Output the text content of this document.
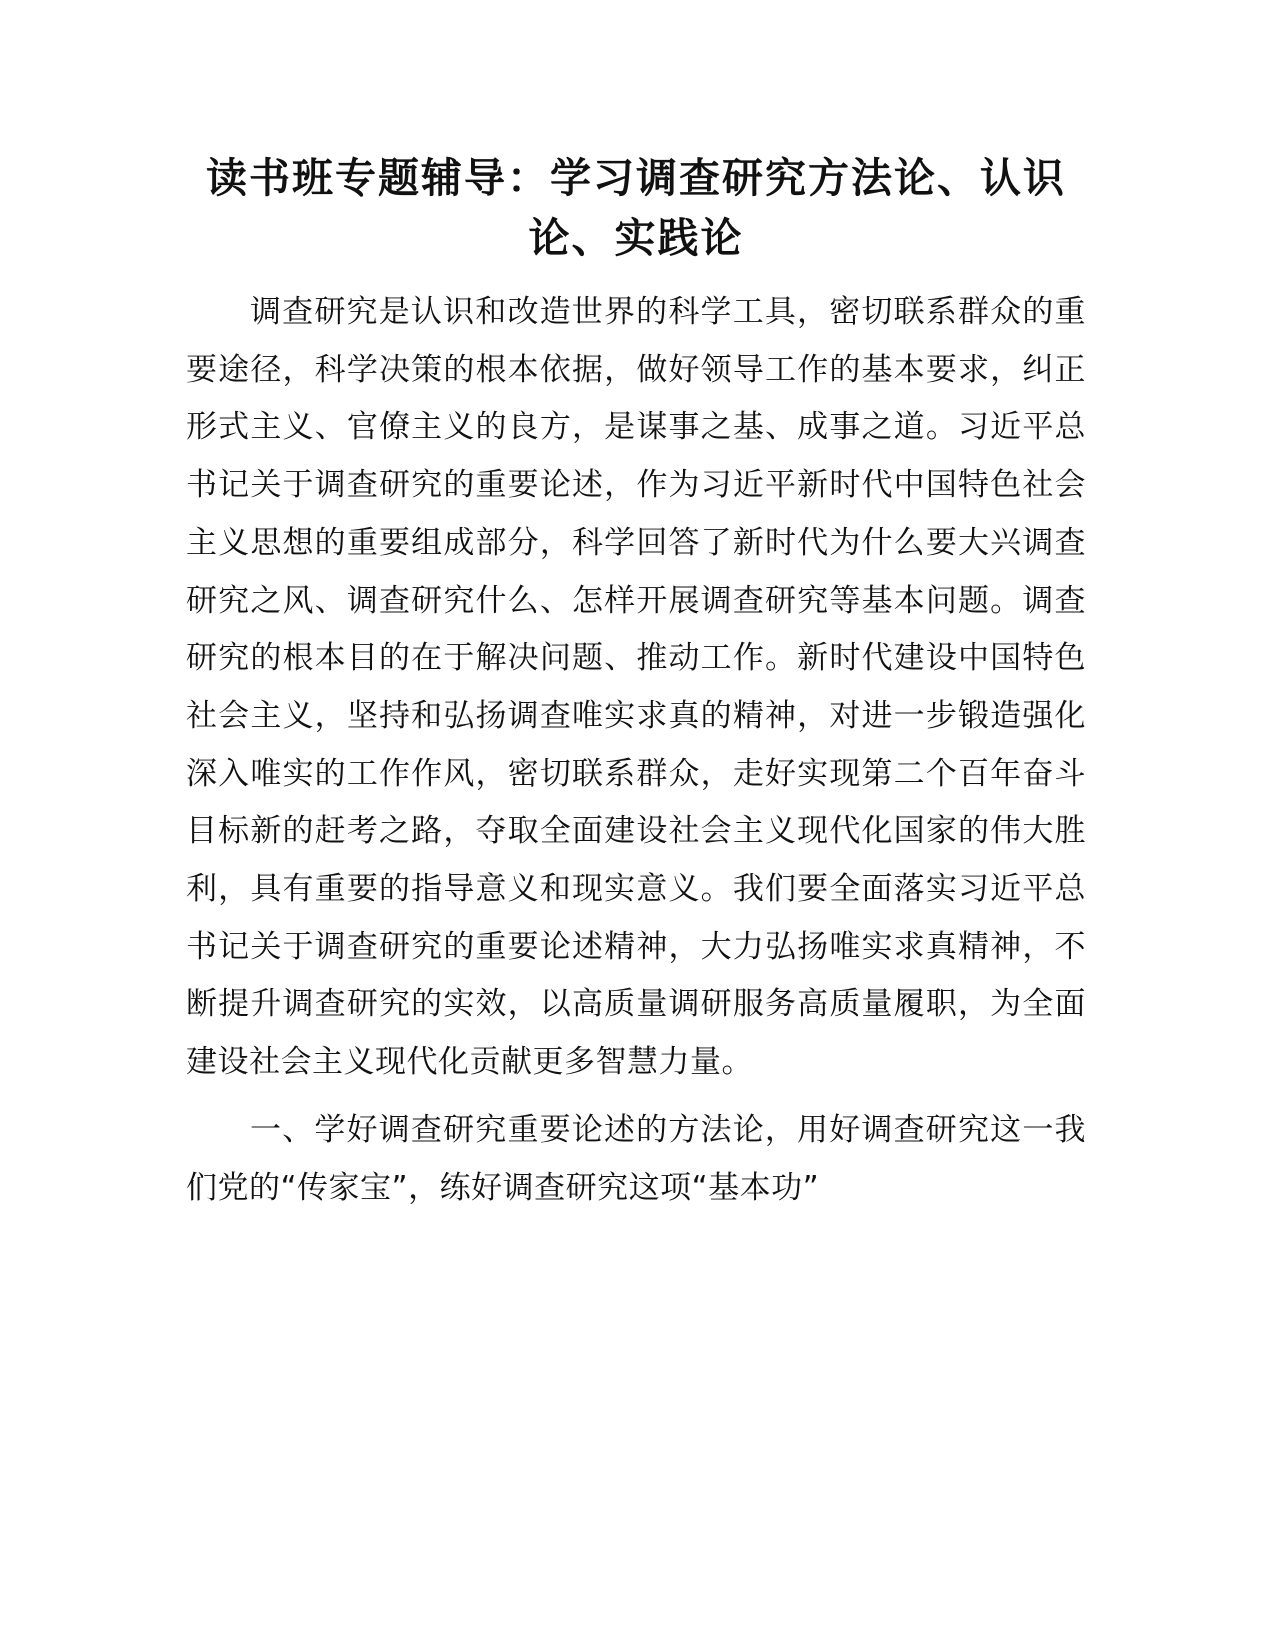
读书班专题辅导：学习调查研究方法论、认识论、实践论

调查研究是认识和改造世界的科学工具，密切联系群众的重要途径，科学决策的根本依据，做好领导工作的基本要求，纠正形式主义、官僚主义的良方，是谋事之基、成事之道。习近平总书记关于调查研究的重要论述，作为习近平新时代中国特色社会主义思想的重要组成部分，科学回答了新时代为什么要大兴调查研究之风、调查研究什么、怎样开展调查研究等基本问题。调查研究的根本目的在于解决问题、推动工作。新时代建设中国特色社会主义，坚持和弘扬调查唯实求真的精神，对进一步锻造强化深入唯实的工作作风，密切联系群众，走好实现第二个百年奋斗目标新的赶考之路，夺取全面建设社会主义现代化国家的伟大胜利，具有重要的指导意义和现实意义。我们要全面落实习近平总书记关于调查研究的重要论述精神，大力弘扬唯实求真精神，不断提升调查研究的实效，以高质量调研服务高质量履职，为全面建设社会主义现代化贡献更多智慧力量。

一、学好调查研究重要论述的方法论，用好调查研究这一我们党的“传家宝”，练好调查研究这项“基本功”
